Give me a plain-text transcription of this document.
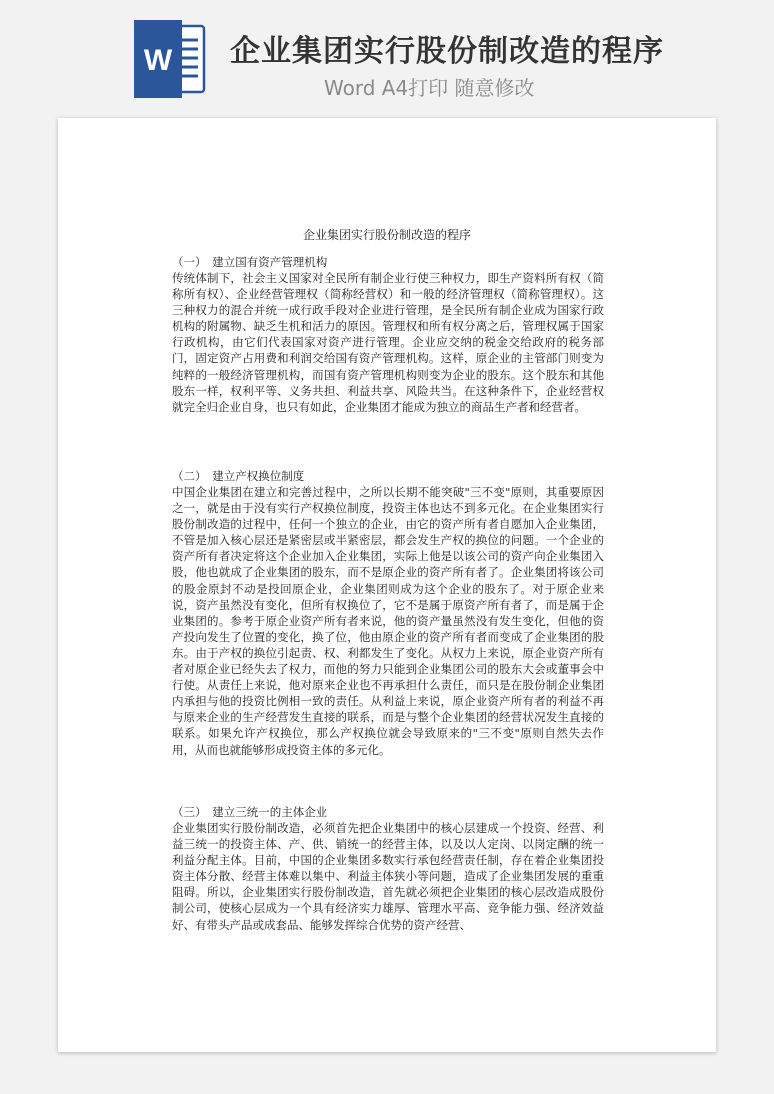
W 企业集团实行股份制改造的程序
Word A4打印 随意修改
企业集团实行股份制改造的程序
（一）　建立国有资产管理机构
传统体制下，社会主义国家对全民所有制企业行使三种权力，即生产资料所有权（简称所有权）、企业经营管理权（简称经营权）和一般的经济管理权（简称管理权）。这三种权力的混合并统一成行政手段对企业进行管理，是全民所有制企业成为国家行政机构的附属物、缺乏生机和活力的原因。管理权和所有权分离之后，管理权属于国家行政机构，由它们代表国家对资产进行管理。企业应交纳的税金交给政府的税务部门，固定资产占用费和利润交给国有资产管理机构。这样，原企业的主管部门则变为纯粹的一般经济管理机构，而国有资产管理机构则变为企业的股东。这个股东和其他股东一样，权利平等、义务共担、利益共享、风险共当。在这种条件下，企业经营权就完全归企业自身，也只有如此，企业集团才能成为独立的商品生产者和经营者。
（二）　建立产权换位制度
中国企业集团在建立和完善过程中，之所以长期不能突破"三不变"原则，其重要原因之一，就是由于没有实行产权换位制度，投资主体也达不到多元化。在企业集团实行股份制改造的过程中，任何一个独立的企业，由它的资产所有者自愿加入企业集团，不管是加入核心层还是紧密层或半紧密层，都会发生产权的换位的问题。一个企业的资产所有者决定将这个企业加入企业集团，实际上他是以该公司的资产向企业集团入股，他也就成了企业集团的股东，而不是原企业的资产所有者了。企业集团将该公司的股金原封不动是投回原企业，企业集团则成为这个企业的股东了。对于原企业来说，资产虽然没有变化，但所有权换位了，它不是属于原资产所有者了，而是属于企业集团的。参考于原企业资产所有者来说，他的资产量虽然没有发生变化，但他的资产投向发生了位置的变化，换了位，他由原企业的资产所有者而变成了企业集团的股东。由于产权的换位引起责、权、利都发生了变化。从权力上来说，原企业资产所有者对原企业已经失去了权力，而他的努力只能到企业集团公司的股东大会或董事会中行使。从责任上来说，他对原来企业也不再承担什么责任，而只是在股份制企业集团内承担与他的投资比例相一致的责任。从利益上来说，原企业资产所有者的利益不再与原来企业的生产经营发生直接的联系，而是与整个企业集团的经营状况发生直接的联系。如果允许产权换位，那么产权换位就会导致原来的"三不变"原则自然失去作用，从而也就能够形成投资主体的多元化。
（三）　建立三统一的主体企业
企业集团实行股份制改造，必须首先把企业集团中的核心层建成一个投资、经营、利益三统一的投资主体、产、供、销统一的经营主体，以及以人定岗、以岗定酬的统一利益分配主体。目前，中国的企业集团多数实行承包经营责任制，存在着企业集团投资主体分散、经营主体难以集中、利益主体狭小等问题，造成了企业集团发展的重重阻碍。所以，企业集团实行股份制改造，首先就必须把企业集团的核心层改造成股份制公司，使核心层成为一个具有经济实力雄厚、管理水平高、竞争能力强、经济效益好、有带头产品或成套品、能够发挥综合优势的资产经营、
